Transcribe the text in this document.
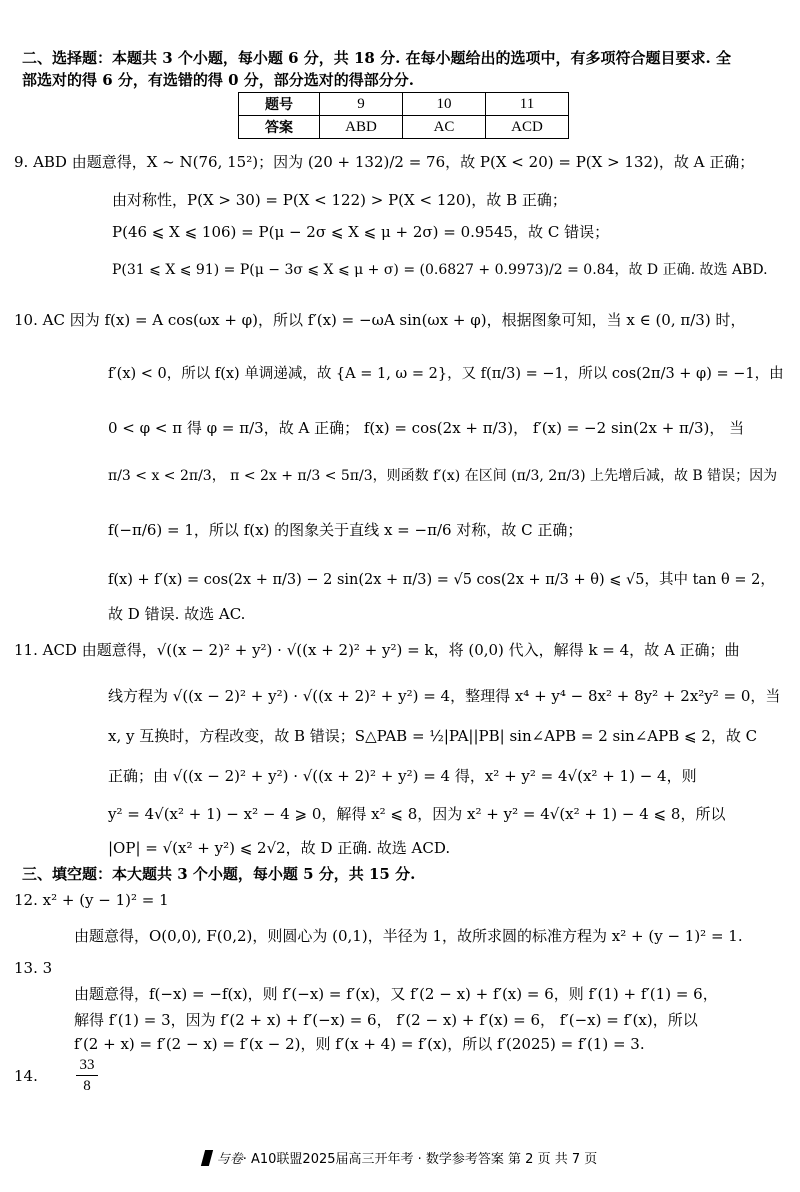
二、选择题：本题共 3 个小题，每小题 6 分，共 18 分. 在每小题给出的选项中，有多项符合题目要求. 全
部选对的得 6 分，有选错的得 0 分，部分选对的得部分分.
题号	9	10	11
答案	ABD	AC	ACD
9. ABD 由题意得，X ~ N(76, 15²)；因为 (20 + 132)/2 = 76，故 P(X < 20) = P(X > 132)，故 A 正确；
由对称性，P(X > 30) = P(X < 122) > P(X < 120)，故 B 正确；
P(46 ⩽ X ⩽ 106) = P(μ − 2σ ⩽ X ⩽ μ + 2σ) = 0.9545，故 C 错误；
P(31 ⩽ X ⩽ 91) = P(μ − 3σ ⩽ X ⩽ μ + σ) = (0.6827 + 0.9973)/2 = 0.84，故 D 正确. 故选 ABD.
10. AC 因为 f(x) = A cos(ωx + φ)，所以 f′(x) = −ωA sin(ωx + φ)，根据图象可知，当 x ∈ (0, π/3) 时，
f′(x) < 0，所以 f(x) 单调递减，故 {A = 1, ω = 2}，又 f(π/3) = −1，所以 cos(2π/3 + φ) = −1，由
0 < φ < π 得 φ = π/3，故 A 正确； f(x) = cos(2x + π/3)， f′(x) = −2 sin(2x + π/3)， 当
π/3 < x < 2π/3， π < 2x + π/3 < 5π/3，则函数 f′(x) 在区间 (π/3, 2π/3) 上先增后减，故 B 错误；因为
f(−π/6) = 1，所以 f(x) 的图象关于直线 x = −π/6 对称，故 C 正确；
f(x) + f′(x) = cos(2x + π/3) − 2 sin(2x + π/3) = √5 cos(2x + π/3 + θ) ⩽ √5，其中 tan θ = 2，
故 D 错误. 故选 AC.
11. ACD 由题意得，√((x − 2)² + y²) · √((x + 2)² + y²) = k，将 (0,0) 代入，解得 k = 4，故 A 正确；曲
线方程为 √((x − 2)² + y²) · √((x + 2)² + y²) = 4，整理得 x⁴ + y⁴ − 8x² + 8y² + 2x²y² = 0，当
x, y 互换时，方程改变，故 B 错误；S△PAB = ½|PA||PB| sin∠APB = 2 sin∠APB ⩽ 2，故 C
正确；由 √((x − 2)² + y²) · √((x + 2)² + y²) = 4 得，x² + y² = 4√(x² + 1) − 4，则
y² = 4√(x² + 1) − x² − 4 ⩾ 0，解得 x² ⩽ 8，因为 x² + y² = 4√(x² + 1) − 4 ⩽ 8，所以
|OP| = √(x² + y²) ⩽ 2√2，故 D 正确. 故选 ACD.
三、填空题：本大题共 3 个小题，每小题 5 分，共 15 分.
12. x² + (y − 1)² = 1
由题意得，O(0,0), F(0,2)，则圆心为 (0,1)，半径为 1，故所求圆的标准方程为 x² + (y − 1)² = 1.
13. 3
由题意得，f(−x) = −f(x)，则 f′(−x) = f′(x)，又 f′(2 − x) + f′(x) = 6，则 f′(1) + f′(1) = 6，
解得 f′(1) = 3，因为 f′(2 + x) + f′(−x) = 6， f′(2 − x) + f′(x) = 6， f′(−x) = f′(x)，所以
f′(2 + x) = f′(2 − x) = f′(x − 2)，则 f′(x + 4) = f′(x)，所以 f′(2025) = f′(1) = 3.
14.
33
8
与卷· A10联盟2025届高三开年考 · 数学参考答案 第 2 页 共 7 页
